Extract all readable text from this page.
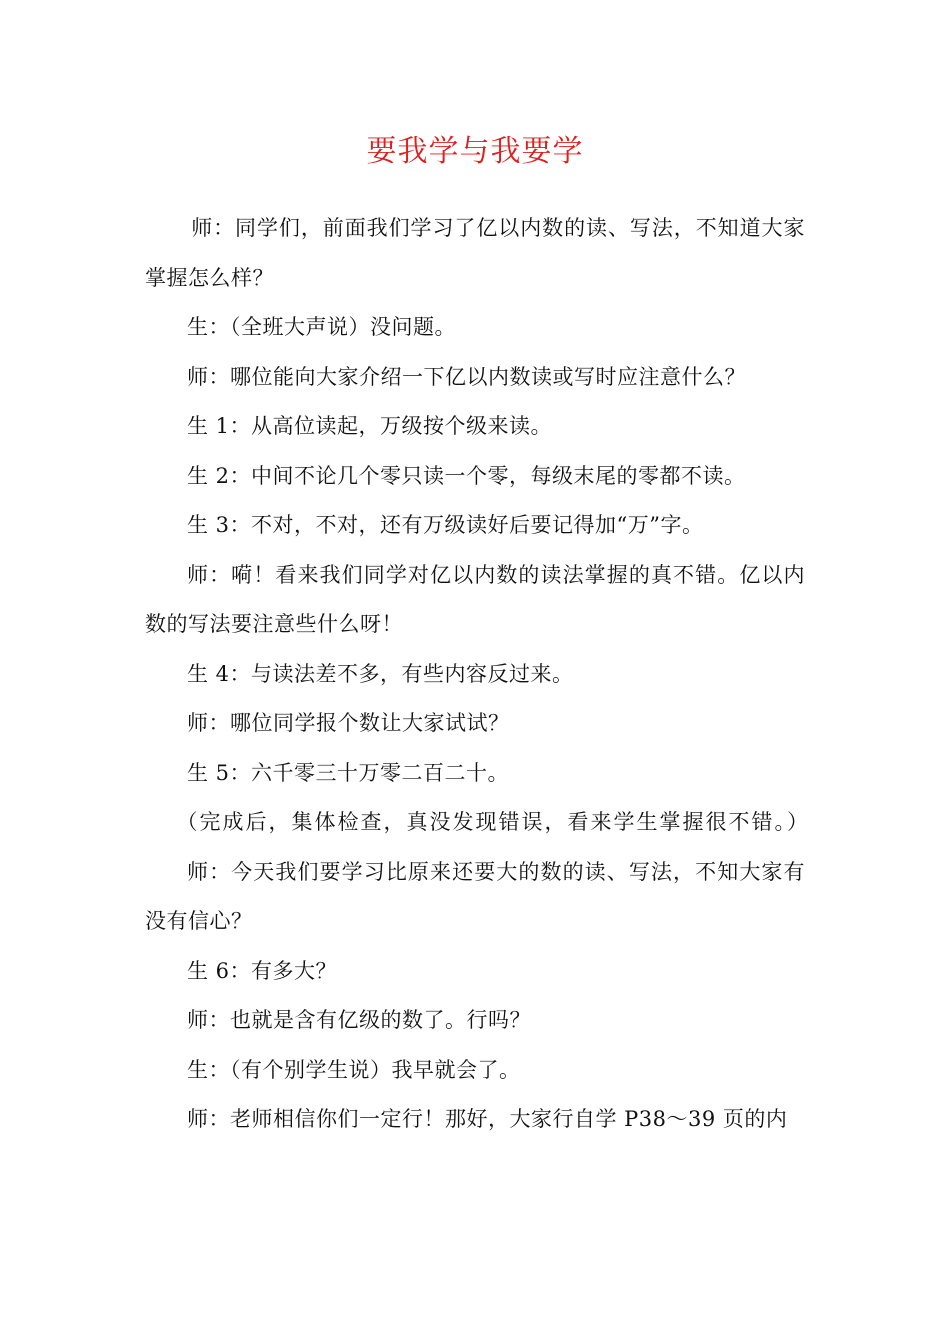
要我学与我要学

师：同学们，前面我们学习了亿以内数的读、写法，不知道大家掌握怎么样？

生：（全班大声说）没问题。

师：哪位能向大家介绍一下亿以内数读或写时应注意什么？

生 1：从高位读起，万级按个级来读。

生 2：中间不论几个零只读一个零，每级末尾的零都不读。

生 3：不对，不对，还有万级读好后要记得加“万”字。

师：嗬！看来我们同学对亿以内数的读法掌握的真不错。亿以内数的写法要注意些什么呀！

生 4：与读法差不多，有些内容反过来。

师：哪位同学报个数让大家试试？

生 5：六千零三十万零二百二十。

（完成后，集体检查，真没发现错误，看来学生掌握很不错。）

师：今天我们要学习比原来还要大的数的读、写法，不知大家有没有信心？

生 6：有多大？

师：也就是含有亿级的数了。行吗？

生：（有个别学生说）我早就会了。

师：老师相信你们一定行！那好，大家行自学 P38～39 页的内
